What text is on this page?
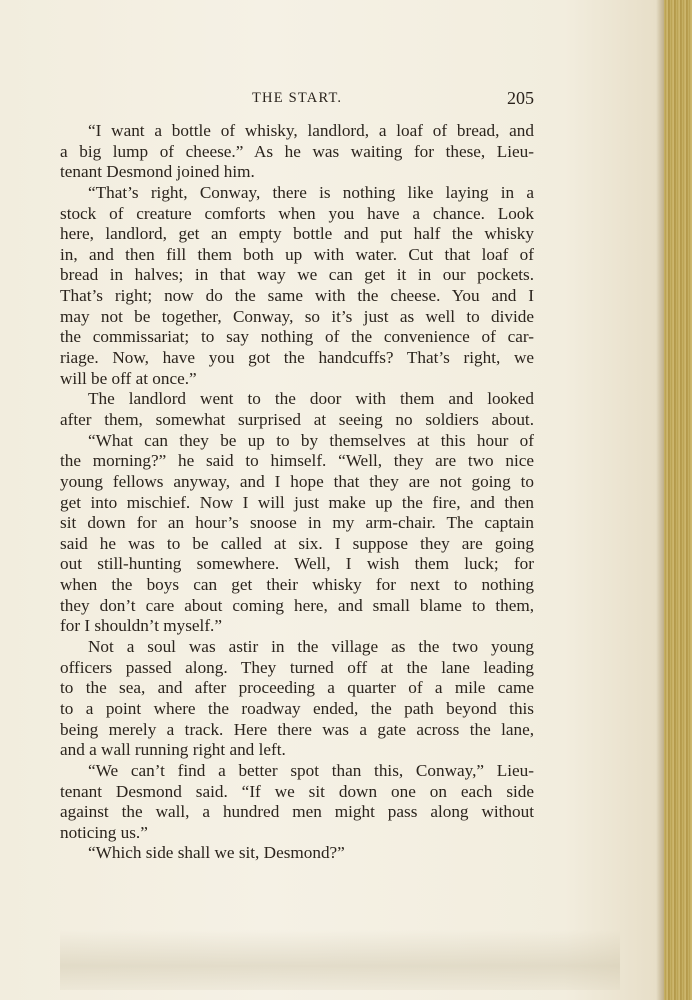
THE START.	205
“I want a bottle of whisky, landlord, a loaf of bread, and
a big lump of cheese.” As he was waiting for these, Lieu-
tenant Desmond joined him.
“That’s right, Conway, there is nothing like laying in a
stock of creature comforts when you have a chance. Look
here, landlord, get an empty bottle and put half the whisky
in, and then fill them both up with water. Cut that loaf of
bread in halves; in that way we can get it in our pockets.
That’s right; now do the same with the cheese. You and I
may not be together, Conway, so it’s just as well to divide
the commissariat; to say nothing of the convenience of car-
riage. Now, have you got the handcuffs? That’s right, we
will be off at once.”
The landlord went to the door with them and looked
after them, somewhat surprised at seeing no soldiers about.
“What can they be up to by themselves at this hour of
the morning?” he said to himself. “Well, they are two nice
young fellows anyway, and I hope that they are not going to
get into mischief. Now I will just make up the fire, and then
sit down for an hour’s snoose in my arm-chair. The captain
said he was to be called at six. I suppose they are going
out still-hunting somewhere. Well, I wish them luck; for
when the boys can get their whisky for next to nothing
they don’t care about coming here, and small blame to them,
for I shouldn’t myself.”
Not a soul was astir in the village as the two young
officers passed along. They turned off at the lane leading
to the sea, and after proceeding a quarter of a mile came
to a point where the roadway ended, the path beyond this
being merely a track. Here there was a gate across the lane,
and a wall running right and left.
“We can’t find a better spot than this, Conway,” Lieu-
tenant Desmond said. “If we sit down one on each side
against the wall, a hundred men might pass along without
noticing us.”
“Which side shall we sit, Desmond?”
